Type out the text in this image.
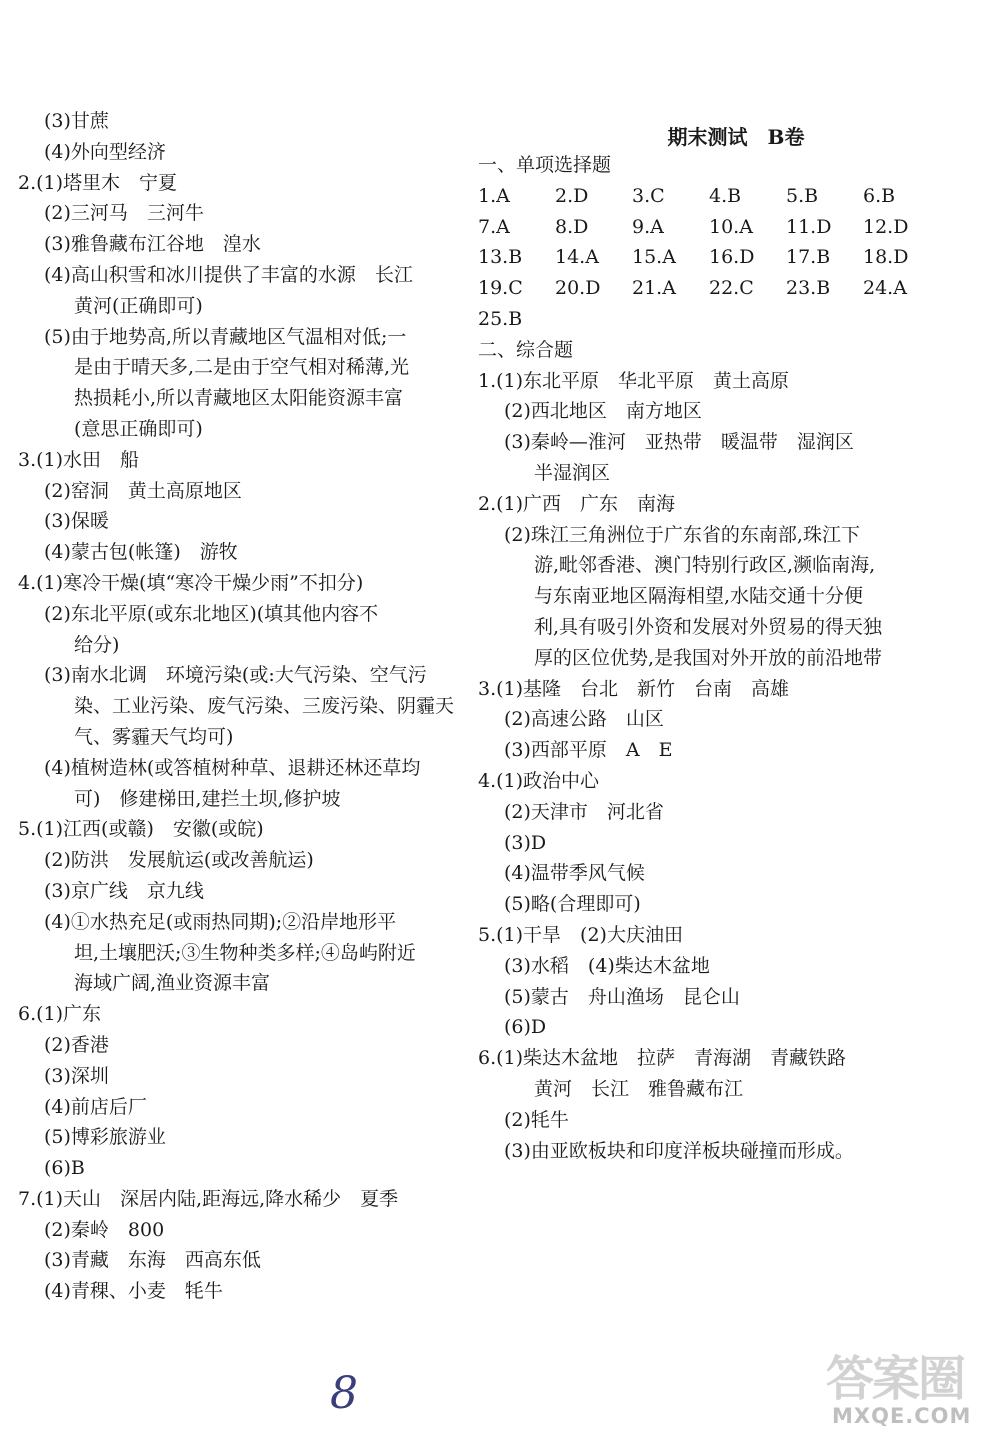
(3)甘蔗
(4)外向型经济
2.(1)塔里木　宁夏
(2)三河马　三河牛
(3)雅鲁藏布江谷地　湟水
(4)高山积雪和冰川提供了丰富的水源　长江
黄河(正确即可)
(5)由于地势高,所以青藏地区气温相对低;一
是由于晴天多,二是由于空气相对稀薄,光
热损耗小,所以青藏地区太阳能资源丰富
(意思正确即可)
3.(1)水田　船
(2)窑洞　黄土高原地区
(3)保暖
(4)蒙古包(帐篷)　游牧
4.(1)寒冷干燥(填“寒冷干燥少雨”不扣分)
(2)东北平原(或东北地区)(填其他内容不
给分)
(3)南水北调　环境污染(或:大气污染、空气污
染、工业污染、废气污染、三废污染、阴霾天
气、雾霾天气均可)
(4)植树造林(或答植树种草、退耕还林还草均
可)　修建梯田,建拦土坝,修护坡
5.(1)江西(或赣)　安徽(或皖)
(2)防洪　发展航运(或改善航运)
(3)京广线　京九线
(4)①水热充足(或雨热同期);②沿岸地形平
坦,土壤肥沃;③生物种类多样;④岛屿附近
海域广阔,渔业资源丰富
6.(1)广东
(2)香港
(3)深圳
(4)前店后厂
(5)博彩旅游业
(6)B
7.(1)天山　深居内陆,距海远,降水稀少　夏季
(2)秦岭　800
(3)青藏　东海　西高东低
(4)青稞、小麦　牦牛
期末测试　B卷
一、单项选择题
1.A	2.D	3.C	4.B	5.B	6.B
7.A	8.D	9.A	10.A	11.D	12.D
13.B	14.A	15.A	16.D	17.B	18.D
19.C	20.D	21.A	22.C	23.B	24.A
25.B
二、综合题
1.(1)东北平原　华北平原　黄土高原
(2)西北地区　南方地区
(3)秦岭—淮河　亚热带　暖温带　湿润区
半湿润区
2.(1)广西　广东　南海
(2)珠江三角洲位于广东省的东南部,珠江下
游,毗邻香港、澳门特别行政区,濒临南海,
与东南亚地区隔海相望,水陆交通十分便
利,具有吸引外资和发展对外贸易的得天独
厚的区位优势,是我国对外开放的前沿地带
3.(1)基隆　台北　新竹　台南　高雄
(2)高速公路　山区
(3)西部平原　A　E
4.(1)政治中心
(2)天津市　河北省
(3)D
(4)温带季风气候
(5)略(合理即可)
5.(1)干旱　(2)大庆油田
(3)水稻　(4)柴达木盆地
(5)蒙古　舟山渔场　昆仑山
(6)D
6.(1)柴达木盆地　拉萨　青海湖　青藏铁路
黄河　长江　雅鲁藏布江
(2)牦牛
(3)由亚欧板块和印度洋板块碰撞而形成。
8	答案圈
MXQE.COM
